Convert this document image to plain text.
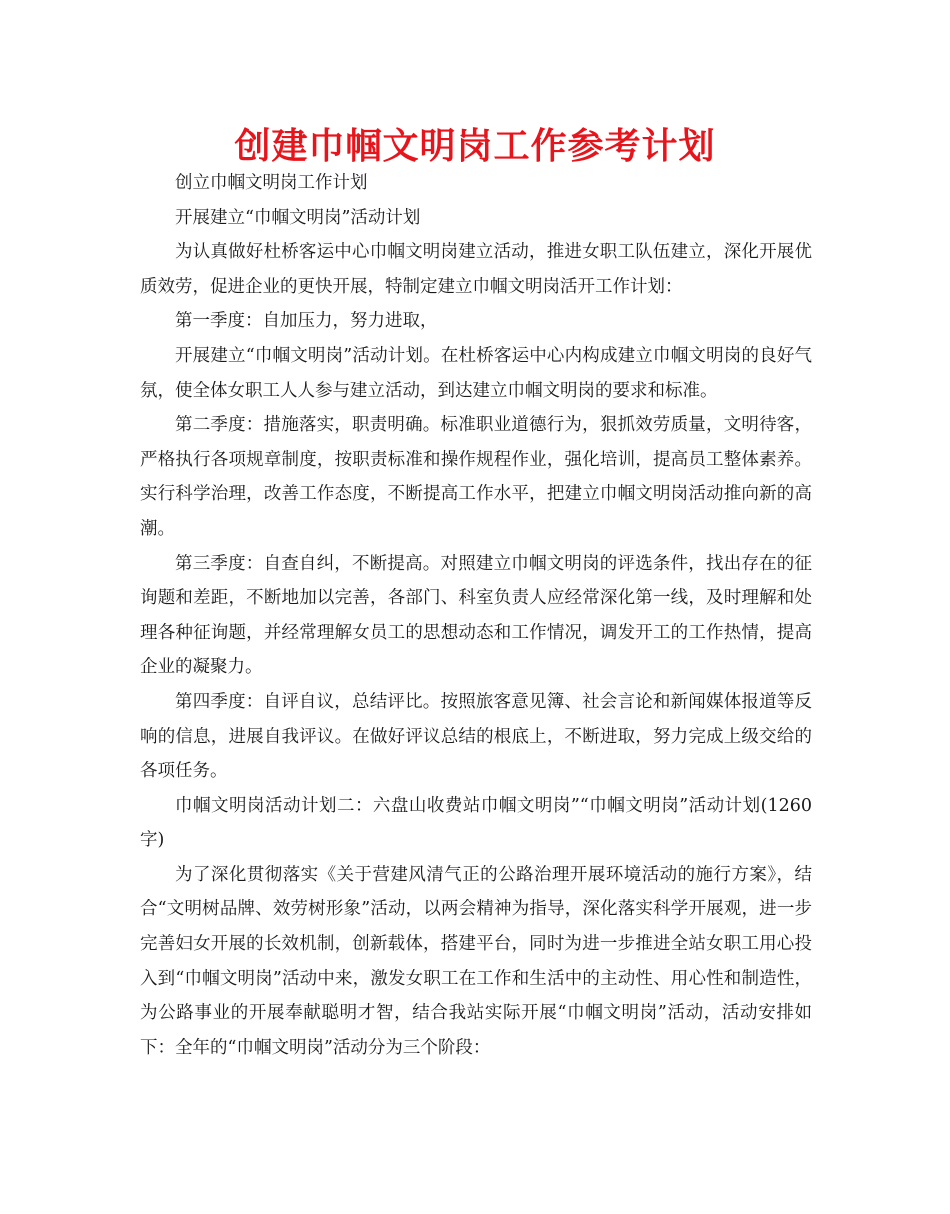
创建巾帼文明岗工作参考计划

创立巾帼文明岗工作计划

开展建立“巾帼文明岗”活动计划

为认真做好杜桥客运中心巾帼文明岗建立活动，推进女职工队伍建立，深化开展优质效劳，促进企业的更快开展，特制定建立巾帼文明岗活开工作计划：

第一季度：自加压力，努力进取，

开展建立“巾帼文明岗”活动计划。在杜桥客运中心内构成建立巾帼文明岗的良好气氛，使全体女职工人人参与建立活动，到达建立巾帼文明岗的要求和标准。

第二季度：措施落实，职责明确。标准职业道德行为，狠抓效劳质量，文明待客，严格执行各项规章制度，按职责标准和操作规程作业，强化培训，提高员工整体素养。实行科学治理，改善工作态度，不断提高工作水平，把建立巾帼文明岗活动推向新的高潮。

第三季度：自查自纠，不断提高。对照建立巾帼文明岗的评选条件，找出存在的征询题和差距，不断地加以完善，各部门、科室负责人应经常深化第一线，及时理解和处理各种征询题，并经常理解女员工的思想动态和工作情况，调发开工的工作热情，提高企业的凝聚力。

第四季度：自评自议，总结评比。按照旅客意见簿、社会言论和新闻媒体报道等反响的信息，进展自我评议。在做好评议总结的根底上，不断进取，努力完成上级交给的各项任务。

巾帼文明岗活动计划二：六盘山收费站巾帼文明岗”“巾帼文明岗”活动计划(1260字)

为了深化贯彻落实《关于营建风清气正的公路治理开展环境活动的施行方案》，结合“文明树品牌、效劳树形象”活动，以两会精神为指导，深化落实科学开展观，进一步完善妇女开展的长效机制，创新载体，搭建平台，同时为进一步推进全站女职工用心投入到“巾帼文明岗”活动中来，激发女职工在工作和生活中的主动性、用心性和制造性，为公路事业的开展奉献聪明才智，结合我站实际开展“巾帼文明岗”活动，活动安排如下：全年的“巾帼文明岗”活动分为三个阶段：
